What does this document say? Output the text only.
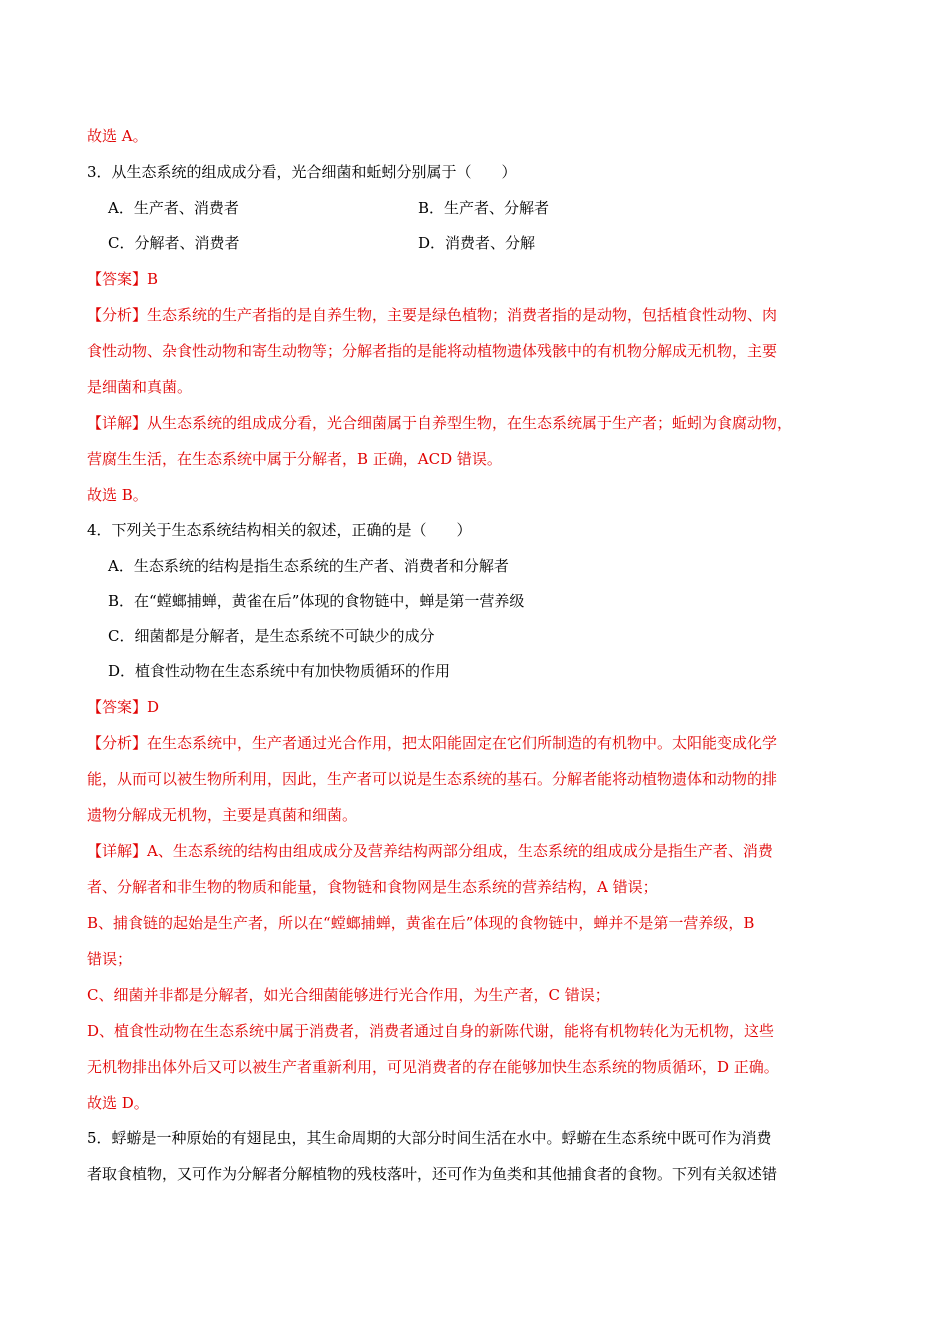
故选 A。
3．从生态系统的组成成分看，光合细菌和蚯蚓分别属于（　　）
A．生产者、消费者	B．生产者、分解者
C．分解者、消费者	D．消费者、分解
【答案】B
【分析】生态系统的生产者指的是自养生物，主要是绿色植物；消费者指的是动物，包括植食性动物、肉
食性动物、杂食性动物和寄生动物等；分解者指的是能将动植物遗体残骸中的有机物分解成无机物，主要
是细菌和真菌。
【详解】从生态系统的组成成分看，光合细菌属于自养型生物，在生态系统属于生产者；蚯蚓为食腐动物，
营腐生生活，在生态系统中属于分解者，B 正确，ACD 错误。
故选 B。
4．下列关于生态系统结构相关的叙述，正确的是（　　）
A．生态系统的结构是指生态系统的生产者、消费者和分解者
B．在“螳螂捕蝉，黄雀在后”体现的食物链中，蝉是第一营养级
C．细菌都是分解者，是生态系统不可缺少的成分
D．植食性动物在生态系统中有加快物质循环的作用
【答案】D
【分析】在生态系统中，生产者通过光合作用，把太阳能固定在它们所制造的有机物中。太阳能变成化学
能，从而可以被生物所利用，因此，生产者可以说是生态系统的基石。分解者能将动植物遗体和动物的排
遗物分解成无机物，主要是真菌和细菌。
【详解】A、生态系统的结构由组成成分及营养结构两部分组成，生态系统的组成成分是指生产者、消费
者、分解者和非生物的物质和能量，食物链和食物网是生态系统的营养结构，A 错误；
B、捕食链的起始是生产者，所以在“螳螂捕蝉，黄雀在后”体现的食物链中，蝉并不是第一营养级，B
错误；
C、细菌并非都是分解者，如光合细菌能够进行光合作用，为生产者，C 错误；
D、植食性动物在生态系统中属于消费者，消费者通过自身的新陈代谢，能将有机物转化为无机物，这些
无机物排出体外后又可以被生产者重新利用，可见消费者的存在能够加快生态系统的物质循环，D 正确。
故选 D。
5．蜉蝣是一种原始的有翅昆虫，其生命周期的大部分时间生活在水中。蜉蝣在生态系统中既可作为消费
者取食植物，又可作为分解者分解植物的残枝落叶，还可作为鱼类和其他捕食者的食物。下列有关叙述错
